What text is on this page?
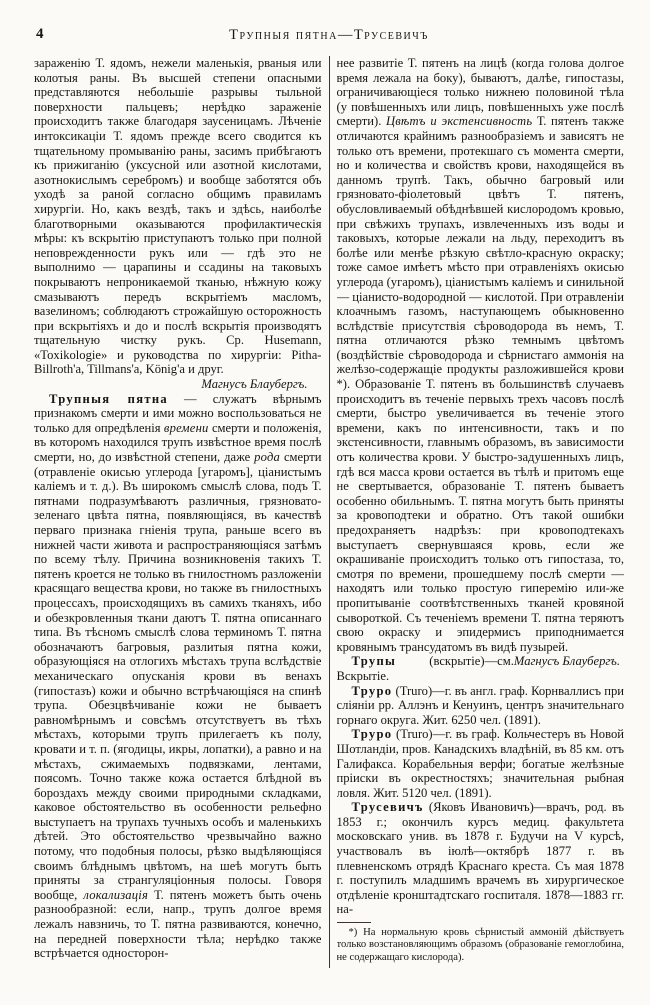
4	Трупныя пятна—Трусевичъ

зараженію Т. ядомъ, нежели маленькія, рваныя или колотыя раны. Въ высшей степени опасными представляются небольшіе разрывы тыльной поверхности пальцевъ; нерѣдко зараженіе происходитъ также благодаря заусеницамъ. Лѣченіе интоксикаціи Т. ядомъ прежде всего сводится къ тщательному промыванію раны, засимъ прибѣгаютъ къ прижиганію (уксусной или азотной кислотами, азотнокислымъ серебромъ) и вообще заботятся объ уходѣ за раной согласно общимъ правиламъ хирургіи. Но, какъ вездѣ, такъ и здѣсь, наиболѣе благотворными оказываются профилактическія мѣры: къ вскрытію приступаютъ только при полной неповрежденности рукъ или — гдѣ это не выполнимо — царапины и ссадины на таковыхъ покрываютъ непроникаемой тканью, нѣжную кожу смазываютъ передъ вскрытіемъ масломъ, вазелиномъ; соблюдаютъ строжайшую осторожность при вскрытіяхъ и до и послѣ вскрытія производятъ тщательную чистку рукъ. Ср. Husemann, «Toxikologie» и руководства по хирургіи: Pitha-Billroth'a, Tillmans'a, König'a и друг.

Магнусъ Блаубергъ.

Трупныя пятна — служатъ вѣрнымъ признакомъ смерти и ими можно воспользоваться не только для опредѣленія времени смерти и положенія, въ которомъ находился трупъ извѣстное время послѣ смерти, но, до извѣстной степени, даже рода смерти (отравленіе окисью углерода [угаромъ], ціанистымъ каліемъ и т. д.). Въ широкомъ смыслѣ слова, подъ Т. пятнами подразумѣваютъ различныя, грязновато-зеленаго цвѣта пятна, появляющіяся, въ качествѣ перваго признака гніенія трупа, раньше всего въ нижней части живота и распространяющіяся затѣмъ по всему тѣлу. Причина возникновенія такихъ Т. пятенъ кроется не только въ гнилостномъ разложеніи красящаго вещества крови, но также въ гнилостныхъ процессахъ, происходящихъ въ самихъ тканяхъ, ибо и обезкровленныя ткани даютъ Т. пятна описаннаго типа. Въ тѣсномъ смыслѣ слова терминомъ Т. пятна обозначаютъ багровыя, разлитыя пятна кожи, образующіяся на отлогихъ мѣстахъ трупа вслѣдствіе механическаго опусканія крови въ венахъ (гипостазъ) кожи и обычно встрѣчающіяся на спинѣ трупа. Обезцвѣчиваніе кожи не бываетъ равномѣрнымъ и совсѣмъ отсутствуетъ въ тѣхъ мѣстахъ, которыми трупъ прилегаетъ къ полу, кровати и т. п. (ягодицы, икры, лопатки), а равно и на мѣстахъ, сжимаемыхъ подвязками, лентами, поясомъ. Точно также кожа остается блѣдной въ бороздахъ между своими природными складками, каковое обстоятельство въ особенности рельефно выступаетъ на трупахъ тучныхъ особъ и маленькихъ дѣтей. Это обстоятельство чрезвычайно важно потому, что подобныя полосы, рѣзко выдѣляющіяся своимъ блѣднымъ цвѣтомъ, на шеѣ могутъ быть приняты за странгуляціонныя полосы. Говоря вообще, локализація Т. пятенъ можетъ быть очень разнообразной: если, напр., трупъ долгое время лежалъ навзничь, то Т. пятна развиваются, конечно, на передней поверхности тѣла; нерѣдко также встрѣчается односторон-

нее развитіе Т. пятенъ на лицѣ (когда голова долгое время лежала на боку), бываютъ, далѣе, гипостазы, ограничивающіеся только нижнею половиной тѣла (у повѣшенныхъ или лицъ, повѣшенныхъ уже послѣ смерти). Цвѣтъ и экстенсивность Т. пятенъ также отличаются крайнимъ разнообразіемъ и зависятъ не только отъ времени, протекшаго съ момента смерти, но и количества и свойствъ крови, находящейся въ данномъ трупѣ. Такъ, обычно багровый или грязновато-фіолетовый цвѣтъ Т. пятенъ, обусловливаемый обѣднѣвшей кислородомъ кровью, при свѣжихъ трупахъ, извлеченныхъ изъ воды и таковыхъ, которые лежали на льду, переходитъ въ болѣе или менѣе рѣзкую свѣтло-красную окраску; тоже самое имѣетъ мѣсто при отравленіяхъ окисью углерода (угаромъ), ціанистымъ каліемъ и синильной — ціанисто-водородной — кислотой. При отравленіи клоачнымъ газомъ, наступающемъ обыкновенно вслѣдствіе присутствія сѣроводорода въ немъ, Т. пятна отличаются рѣзко темнымъ цвѣтомъ (воздѣйствіе сѣроводорода и сѣрнистаго аммонія на желѣзо-содержащіе продукты разложившейся крови *). Образованіе Т. пятенъ въ большинствѣ случаевъ происходитъ въ теченіе первыхъ трехъ часовъ послѣ смерти, быстро увеличивается въ теченіе этого времени, какъ по интенсивности, такъ и по экстенсивности, главнымъ образомъ, въ зависимости отъ количества крови. У быстро-задушенныхъ лицъ, гдѣ вся масса крови остается въ тѣлѣ и притомъ еще не свертывается, образованіе Т. пятенъ бываетъ особенно обильнымъ. Т. пятна могутъ быть приняты за кровоподтеки и обратно. Отъ такой ошибки предохраняетъ надрѣзъ: при кровоподтекахъ выступаетъ свернувшаяся кровь, если же окрашиваніе происходитъ только отъ гипостаза, то, смотря по времени, прошедшему послѣ смерти — находятъ или только простую гиперемію или-же пропитываніе соотвѣтственныхъ тканей кровяной сывороткой. Съ теченіемъ времени Т. пятна теряютъ свою окраску и эпидермисъ приподнимается кровянымъ трансудатомъ въ видѣ пузырей.
Магнусъ Блаубергъ.

Трупы (вскрытіе)—см. Вскрытіе.

Труро (Truro)—г. въ англ. граф. Корнваллисъ при сліяніи рр. Аллэнъ и Кенуинъ, центръ значительнаго горнаго округа. Жит. 6250 чел. (1891).

Труро (Truro)—г. въ граф. Кольчестеръ въ Новой Шотландіи, пров. Канадскихъ владѣній, въ 85 км. отъ Галифакса. Корабельныя верфи; богатые желѣзные пріиски въ окрестностяхъ; значительная рыбная ловля. Жит. 5120 чел. (1891).

Трусевичъ (Яковъ Ивановичъ)—врачъ, род. въ 1853 г.; окончилъ курсъ медиц. факультета московскаго унив. въ 1878 г. Будучи на V курсѣ, участвовалъ въ іюлѣ—октябрѣ 1877 г. въ плевненскомъ отрядѣ Краснаго креста. Съ мая 1878 г. поступилъ младшимъ врачемъ въ хирургическое отдѣленіе кронштадтскаго госпиталя. 1878—1883 гг. на-

*) На нормальную кровь сѣрнистый аммоній дѣйствуетъ только возстановляющимъ образомъ (образованіе гемоглобина, не содержащаго кислорода).
